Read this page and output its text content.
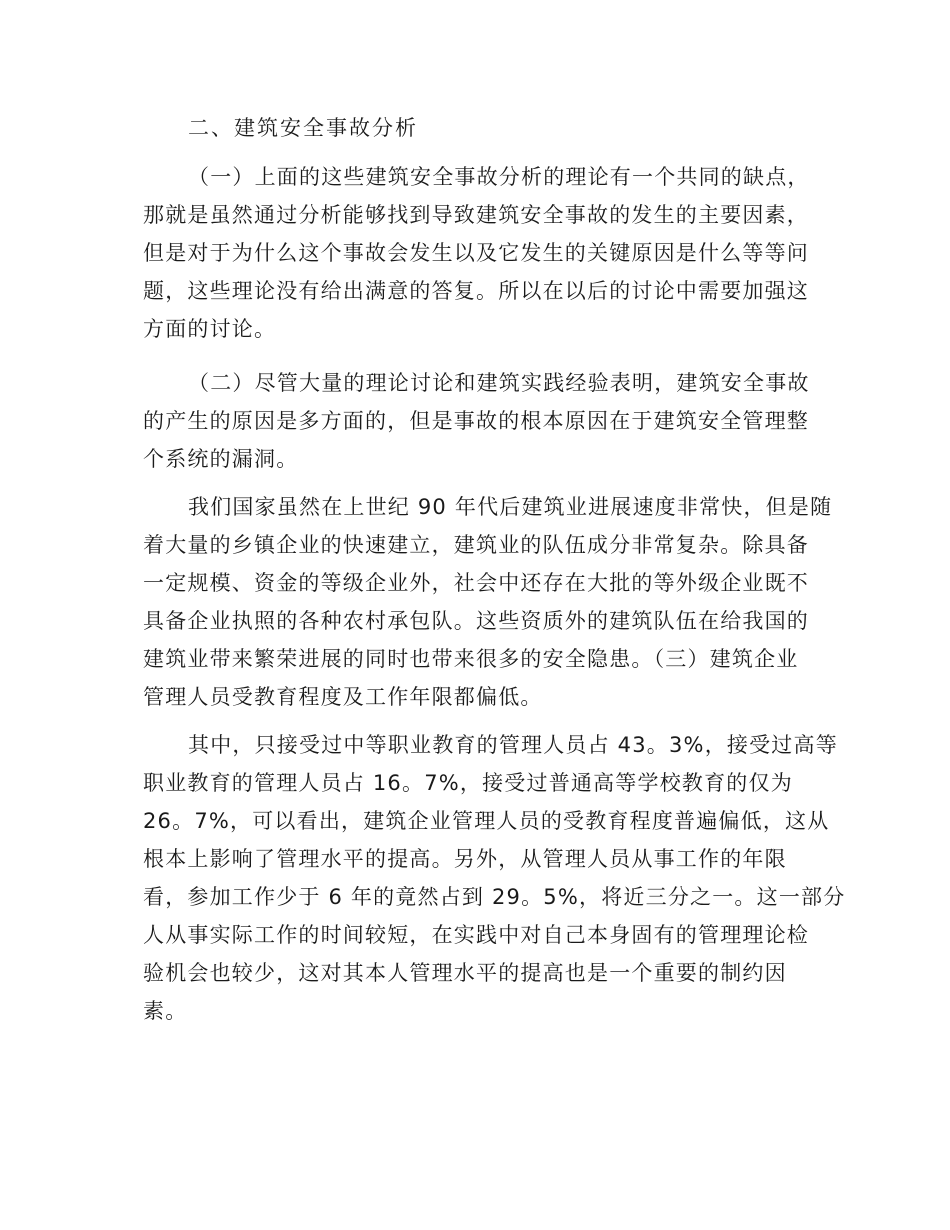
二、建筑安全事故分析
（一）上面的这些建筑安全事故分析的理论有一个共同的缺点，
那就是虽然通过分析能够找到导致建筑安全事故的发生的主要因素，
但是对于为什么这个事故会发生以及它发生的关键原因是什么等等问
题，这些理论没有给出满意的答复。所以在以后的讨论中需要加强这
方面的讨论。
（二）尽管大量的理论讨论和建筑实践经验表明，建筑安全事故
的产生的原因是多方面的，但是事故的根本原因在于建筑安全管理整
个系统的漏洞。
我们国家虽然在上世纪 90 年代后建筑业进展速度非常快，但是随
着大量的乡镇企业的快速建立，建筑业的队伍成分非常复杂。除具备
一定规模、资金的等级企业外，社会中还存在大批的等外级企业既不
具备企业执照的各种农村承包队。这些资质外的建筑队伍在给我国的
建筑业带来繁荣进展的同时也带来很多的安全隐患。（三）建筑企业
管理人员受教育程度及工作年限都偏低。
其中，只接受过中等职业教育的管理人员占 43。3%，接受过高等
职业教育的管理人员占 16。7%，接受过普通高等学校教育的仅为
26。7%，可以看出，建筑企业管理人员的受教育程度普遍偏低，这从
根本上影响了管理水平的提高。另外，从管理人员从事工作的年限
看，参加工作少于 6 年的竟然占到 29。5%，将近三分之一。这一部分
人从事实际工作的时间较短，在实践中对自己本身固有的管理理论检
验机会也较少，这对其本人管理水平的提高也是一个重要的制约因
素。
